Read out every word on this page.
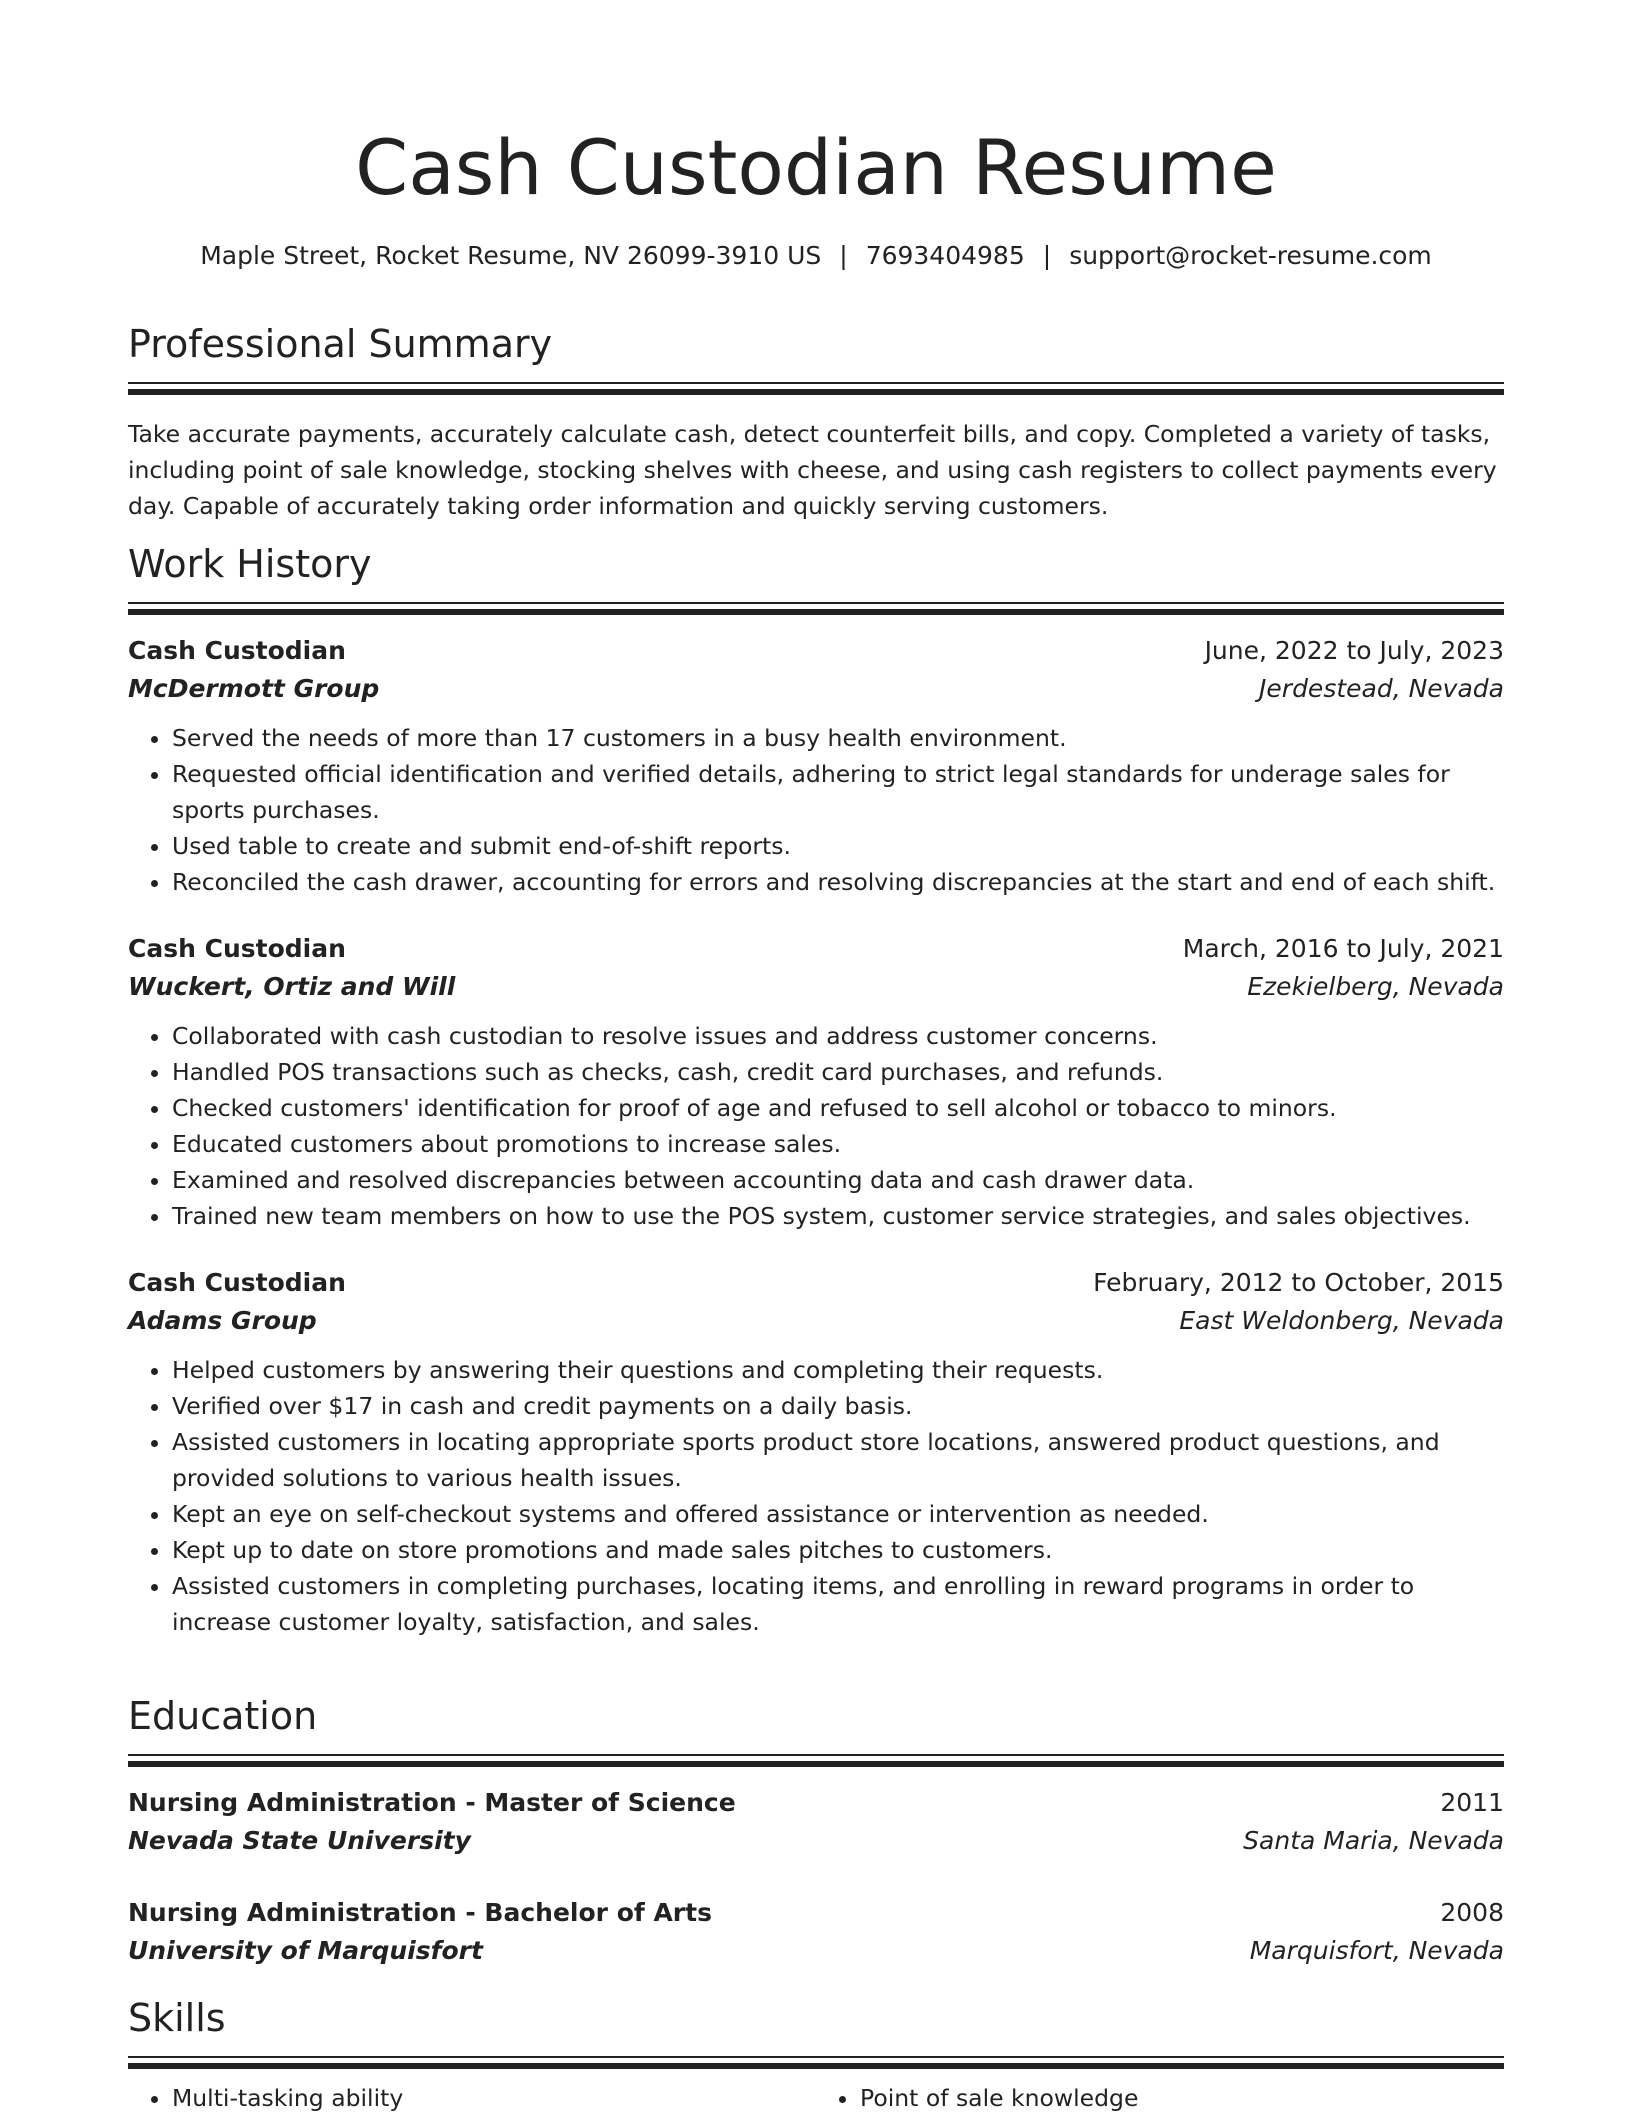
Cash Custodian Resume
Maple Street, Rocket Resume, NV 26099-3910 US | 7693404985 | support@rocket-resume.com
Professional Summary

Take accurate payments, accurately calculate cash, detect counterfeit bills, and copy. Completed a variety of tasks, including point of sale knowledge, stocking shelves with cheese, and using cash registers to collect payments every day. Capable of accurately taking order information and quickly serving customers.

Work History
Cash Custodian	June, 2022 to July, 2023
McDermott Group	Jerdestead, Nevada
• Served the needs of more than 17 customers in a busy health environment.
• Requested official identification and verified details, adhering to strict legal standards for underage sales for sports purchases.
• Used table to create and submit end-of-shift reports.
• Reconciled the cash drawer, accounting for errors and resolving discrepancies at the start and end of each shift.
Cash Custodian	March, 2016 to July, 2021
Wuckert, Ortiz and Will	Ezekielberg, Nevada
• Collaborated with cash custodian to resolve issues and address customer concerns.
• Handled POS transactions such as checks, cash, credit card purchases, and refunds.
• Checked customers' identification for proof of age and refused to sell alcohol or tobacco to minors.
• Educated customers about promotions to increase sales.
• Examined and resolved discrepancies between accounting data and cash drawer data.
• Trained new team members on how to use the POS system, customer service strategies, and sales objectives.
Cash Custodian	February, 2012 to October, 2015
Adams Group	East Weldonberg, Nevada
• Helped customers by answering their questions and completing their requests.
• Verified over $17 in cash and credit payments on a daily basis.
• Assisted customers in locating appropriate sports product store locations, answered product questions, and provided solutions to various health issues.
• Kept an eye on self-checkout systems and offered assistance or intervention as needed.
• Kept up to date on store promotions and made sales pitches to customers.
• Assisted customers in completing purchases, locating items, and enrolling in reward programs in order to increase customer loyalty, satisfaction, and sales.
Education
Nursing Administration - Master of Science	2011
Nevada State University	Santa Maria, Nevada
Nursing Administration - Bachelor of Arts	2008
University of Marquisfort	Marquisfort, Nevada
Skills
• Multi-tasking ability
•	Point of sale knowledge
